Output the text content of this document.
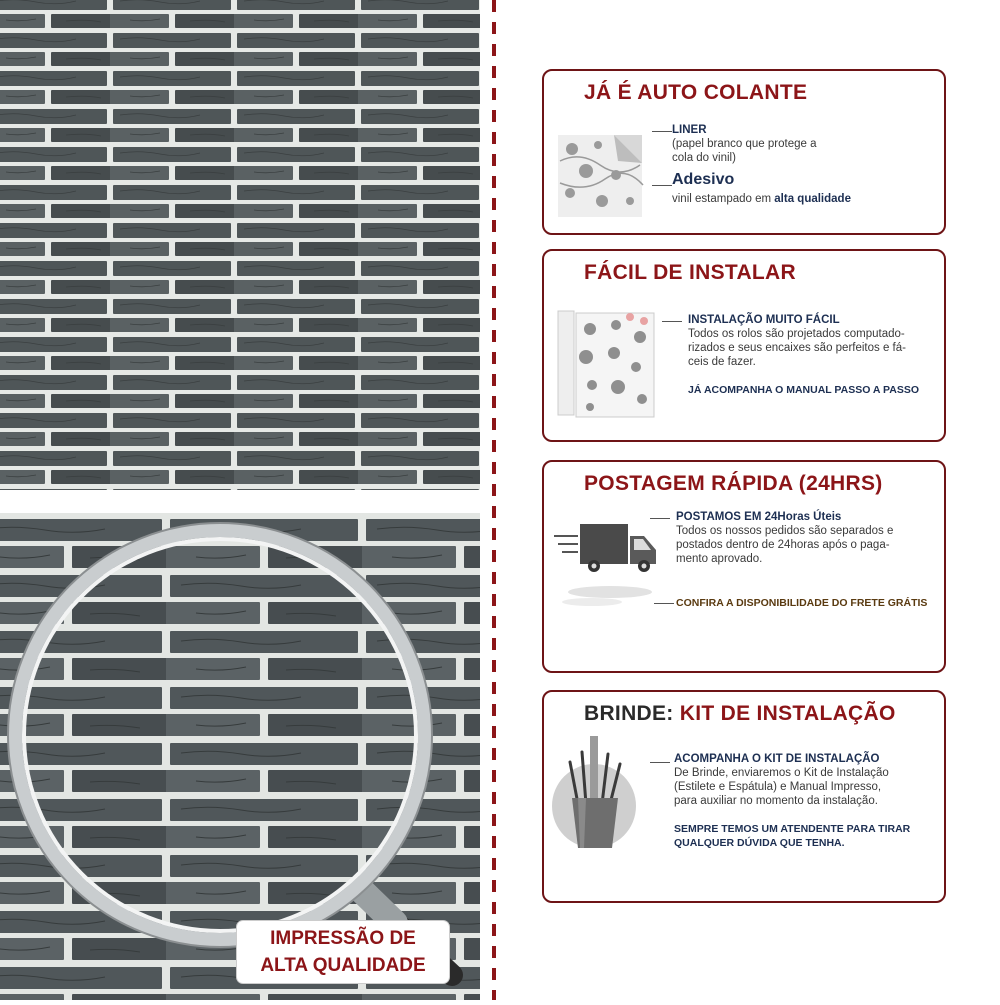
IMPRESSÃO DE
ALTA QUALIDADE
JÁ É AUTO COLANTE
LINER
(papel branco que protege a
cola do vinil)
Adesivo
vinil estampado em alta qualidade
FÁCIL DE INSTALAR
INSTALAÇÃO MUITO FÁCIL
Todos os rolos são projetados computado-
rizados e seus encaixes são perfeitos e fá-
ceis de fazer.
JÁ ACOMPANHA O MANUAL PASSO A PASSO
POSTAGEM RÁPIDA (24HRS)
POSTAMOS EM 24Horas Úteis
Todos os nossos pedidos são separados e
postados dentro de 24horas após o paga-
mento aprovado.
CONFIRA A DISPONIBILIDADE DO FRETE GRÁTIS
BRINDE: KIT DE INSTALAÇÃO
ACOMPANHA O KIT DE INSTALAÇÃO
De Brinde, enviaremos o Kit de Instalação
(Estilete e Espátula) e Manual Impresso,
para auxiliar no momento da instalação.
SEMPRE TEMOS UM ATENDENTE PARA TIRAR
QUALQUER DÚVIDA QUE TENHA.
